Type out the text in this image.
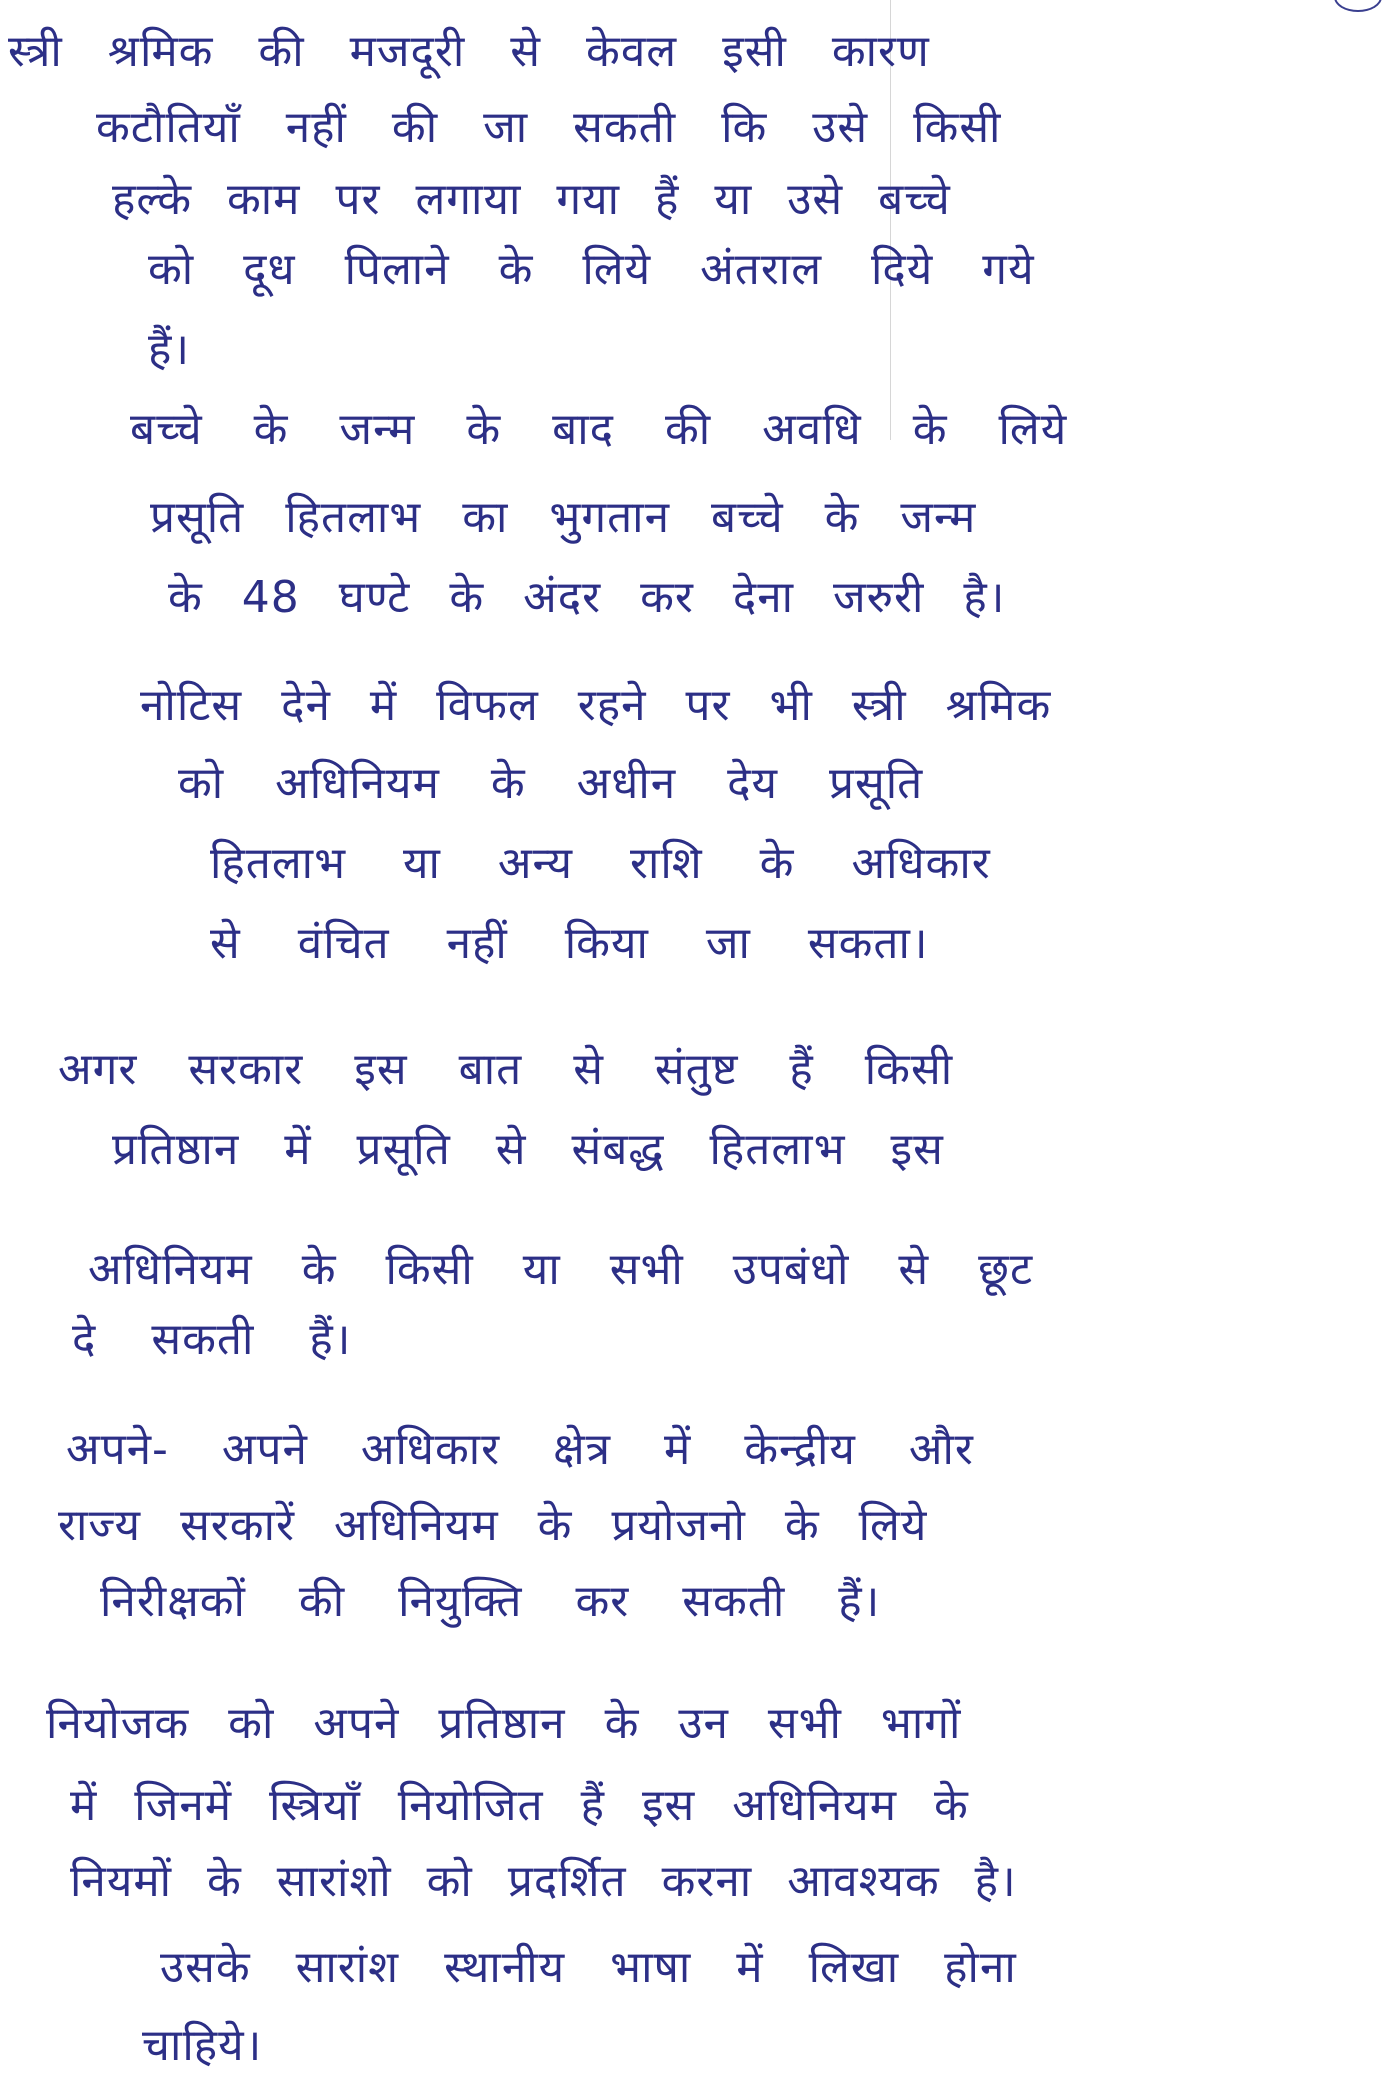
स्त्री श्रमिक की मजदूरी से केवल इसी कारण

कटौतियाँ नहीं की जा सकती कि उसे किसी

हल्के काम पर लगाया गया हैं या उसे बच्चे

को दूध पिलाने के लिये अंतराल दिये गये

हैं।

बच्चे के जन्म के बाद की अवधि के लिये

प्रसूति हितलाभ का भुगतान बच्चे के जन्म

के 48 घण्टे के अंदर कर देना जरुरी है।

नोटिस देने में विफल रहने पर भी स्त्री श्रमिक

को अधिनियम के अधीन देय प्रसूति

हितलाभ या अन्य राशि के अधिकार

से वंचित नहीं किया जा सकता।

अगर सरकार इस बात से संतुष्ट हैं किसी

प्रतिष्ठान में प्रसूति से संबद्ध हितलाभ इस

अधिनियम के किसी या सभी उपबंधो से छूट

दे सकती हैं।

अपने- अपने अधिकार क्षेत्र में केन्द्रीय और

राज्य सरकारें अधिनियम के प्रयोजनो के लिये

निरीक्षकों की नियुक्ति कर सकती हैं।

नियोजक को अपने प्रतिष्ठान के उन सभी भागों

में जिनमें स्त्रियाँ नियोजित हैं इस अधिनियम के

नियमों के सारांशो को प्रदर्शित करना आवश्यक है।

उसके सारांश स्थानीय भाषा में लिखा होना

चाहिये।
